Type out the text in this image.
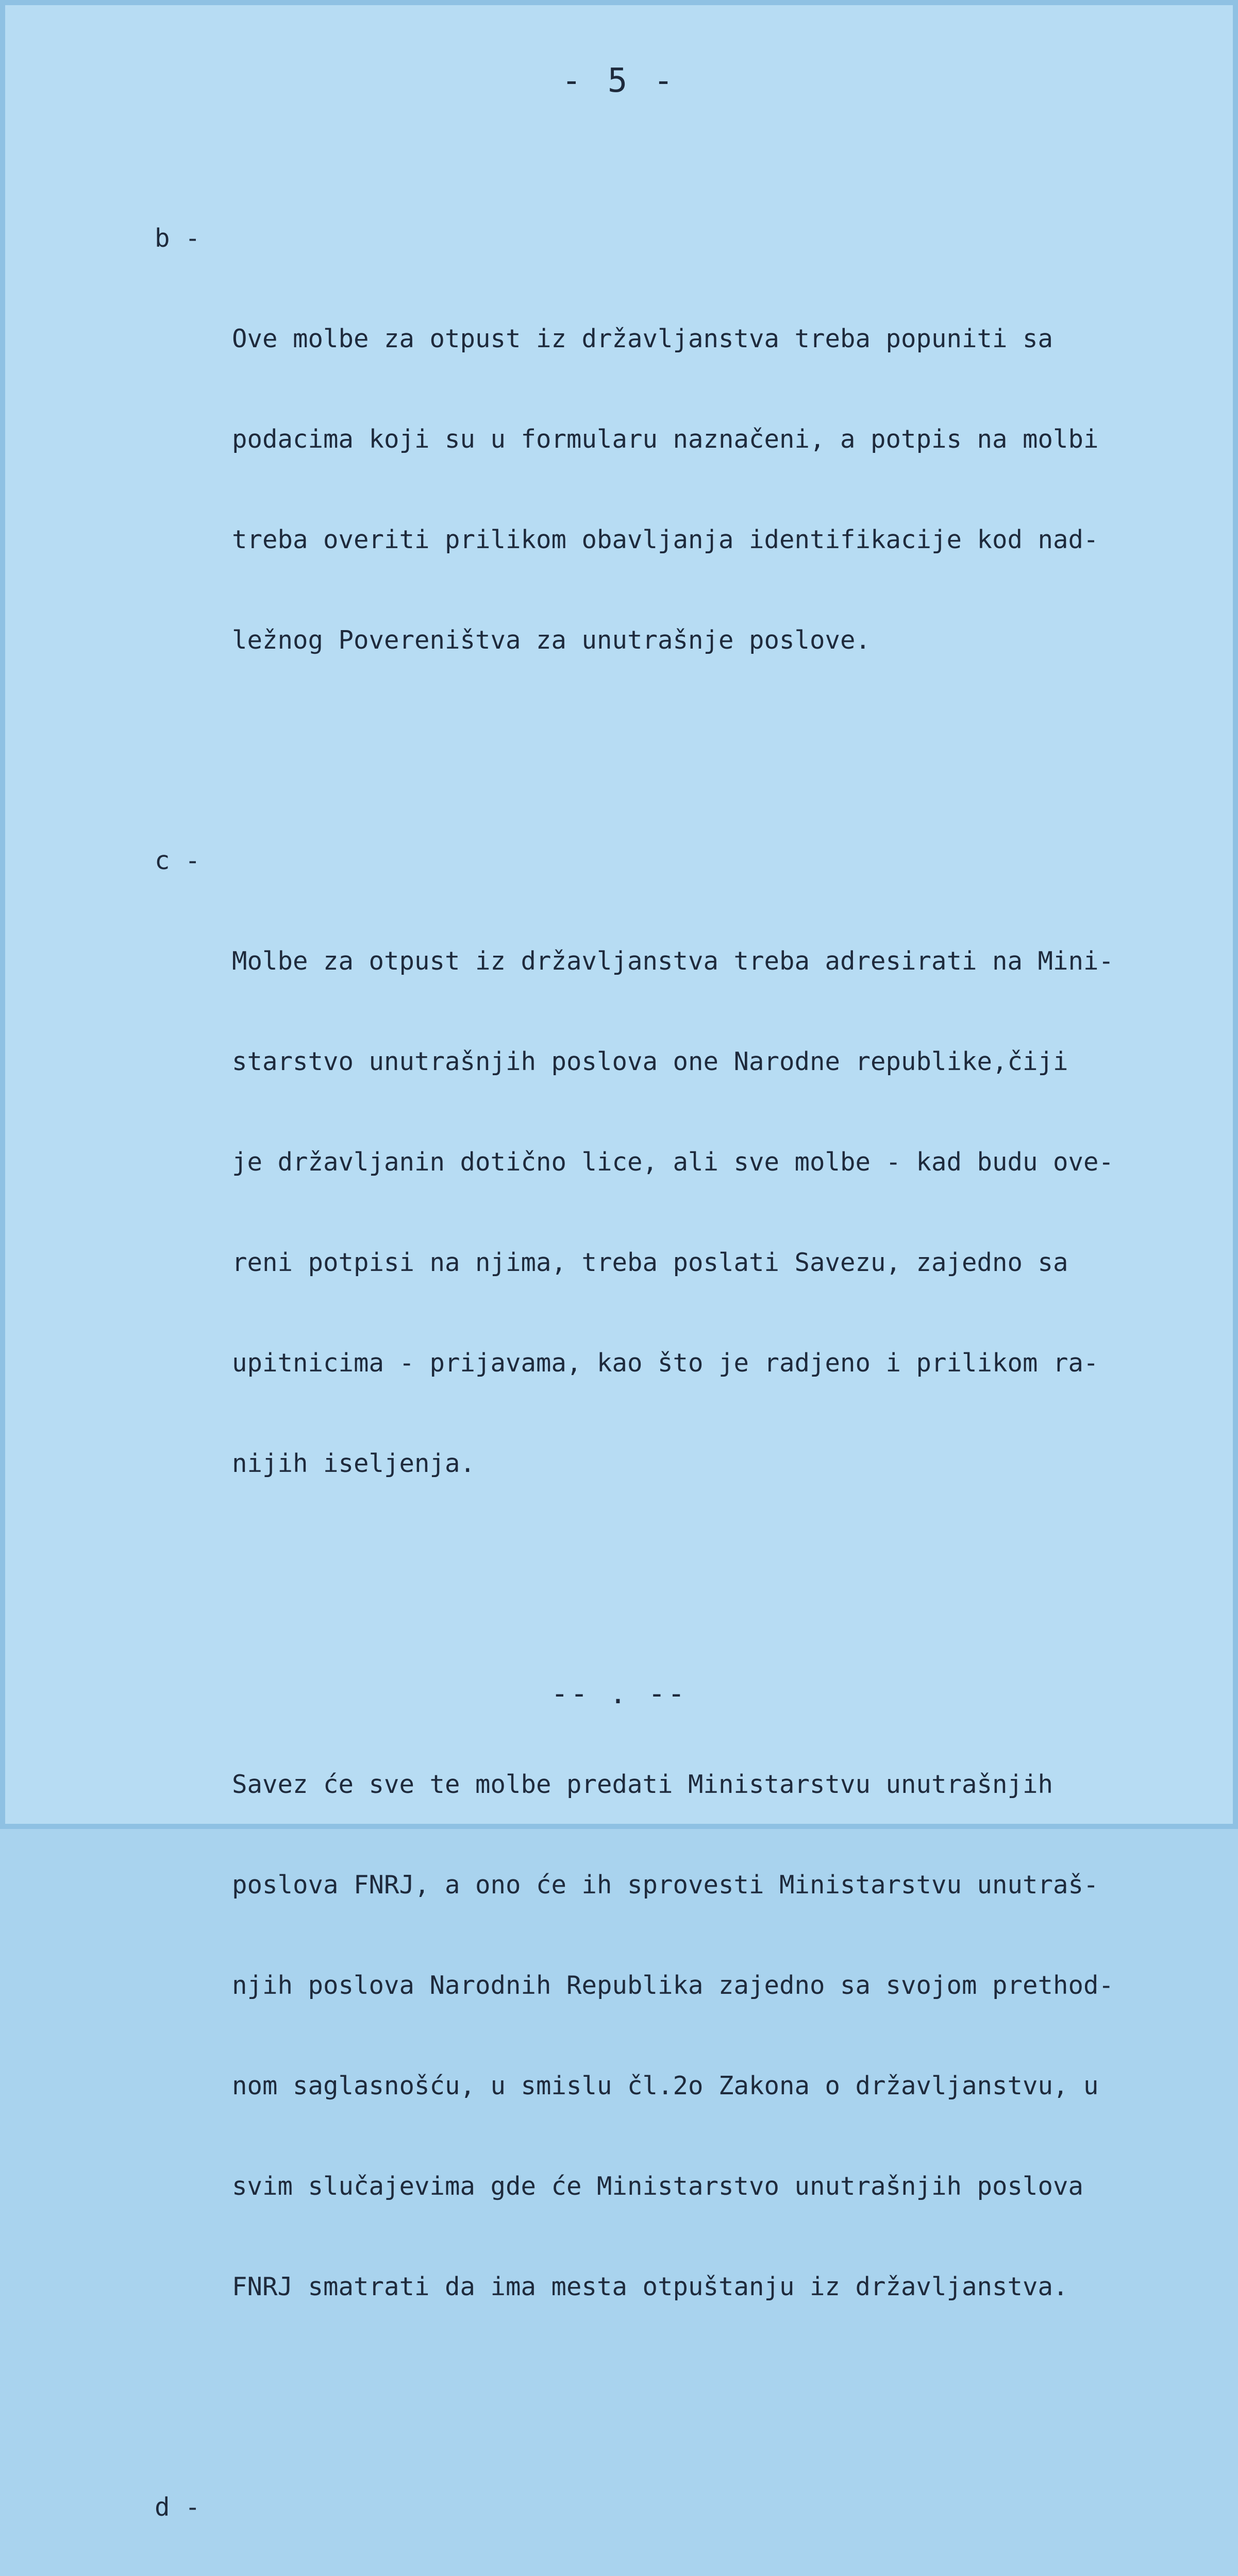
- 5 -

b -

Ove molbe za otpust iz državljanstva treba popuniti sa

podacima koji su u formularu naznačeni, a potpis na molbi

treba overiti prilikom obavljanja identifikacije kod nad-

ležnog Povereništva za unutrašnje poslove.

c -

Molbe za otpust iz državljanstva treba adresirati na Mini-

starstvo unutrašnjih poslova one Narodne republike,čiji

je državljanin dotično lice, ali sve molbe - kad budu ove-

reni potpisi na njima, treba poslati Savezu, zajedno sa

upitnicima - prijavama, kao što je radjeno i prilikom ra-

nijih iseljenja.

Savez će sve te molbe predati Ministarstvu unutrašnjih

poslova FNRJ, a ono će ih sprovesti Ministarstvu unutraš-

njih poslova Narodnih Republika zajedno sa svojom prethod-

nom saglasnošću, u smislu čl.2o Zakona o državljanstvu, u

svim slučajevima gde će Ministarstvo unutrašnjih poslova

FNRJ smatrati da ima mesta otpuštanju iz državljanstva.

d -

-- . --
